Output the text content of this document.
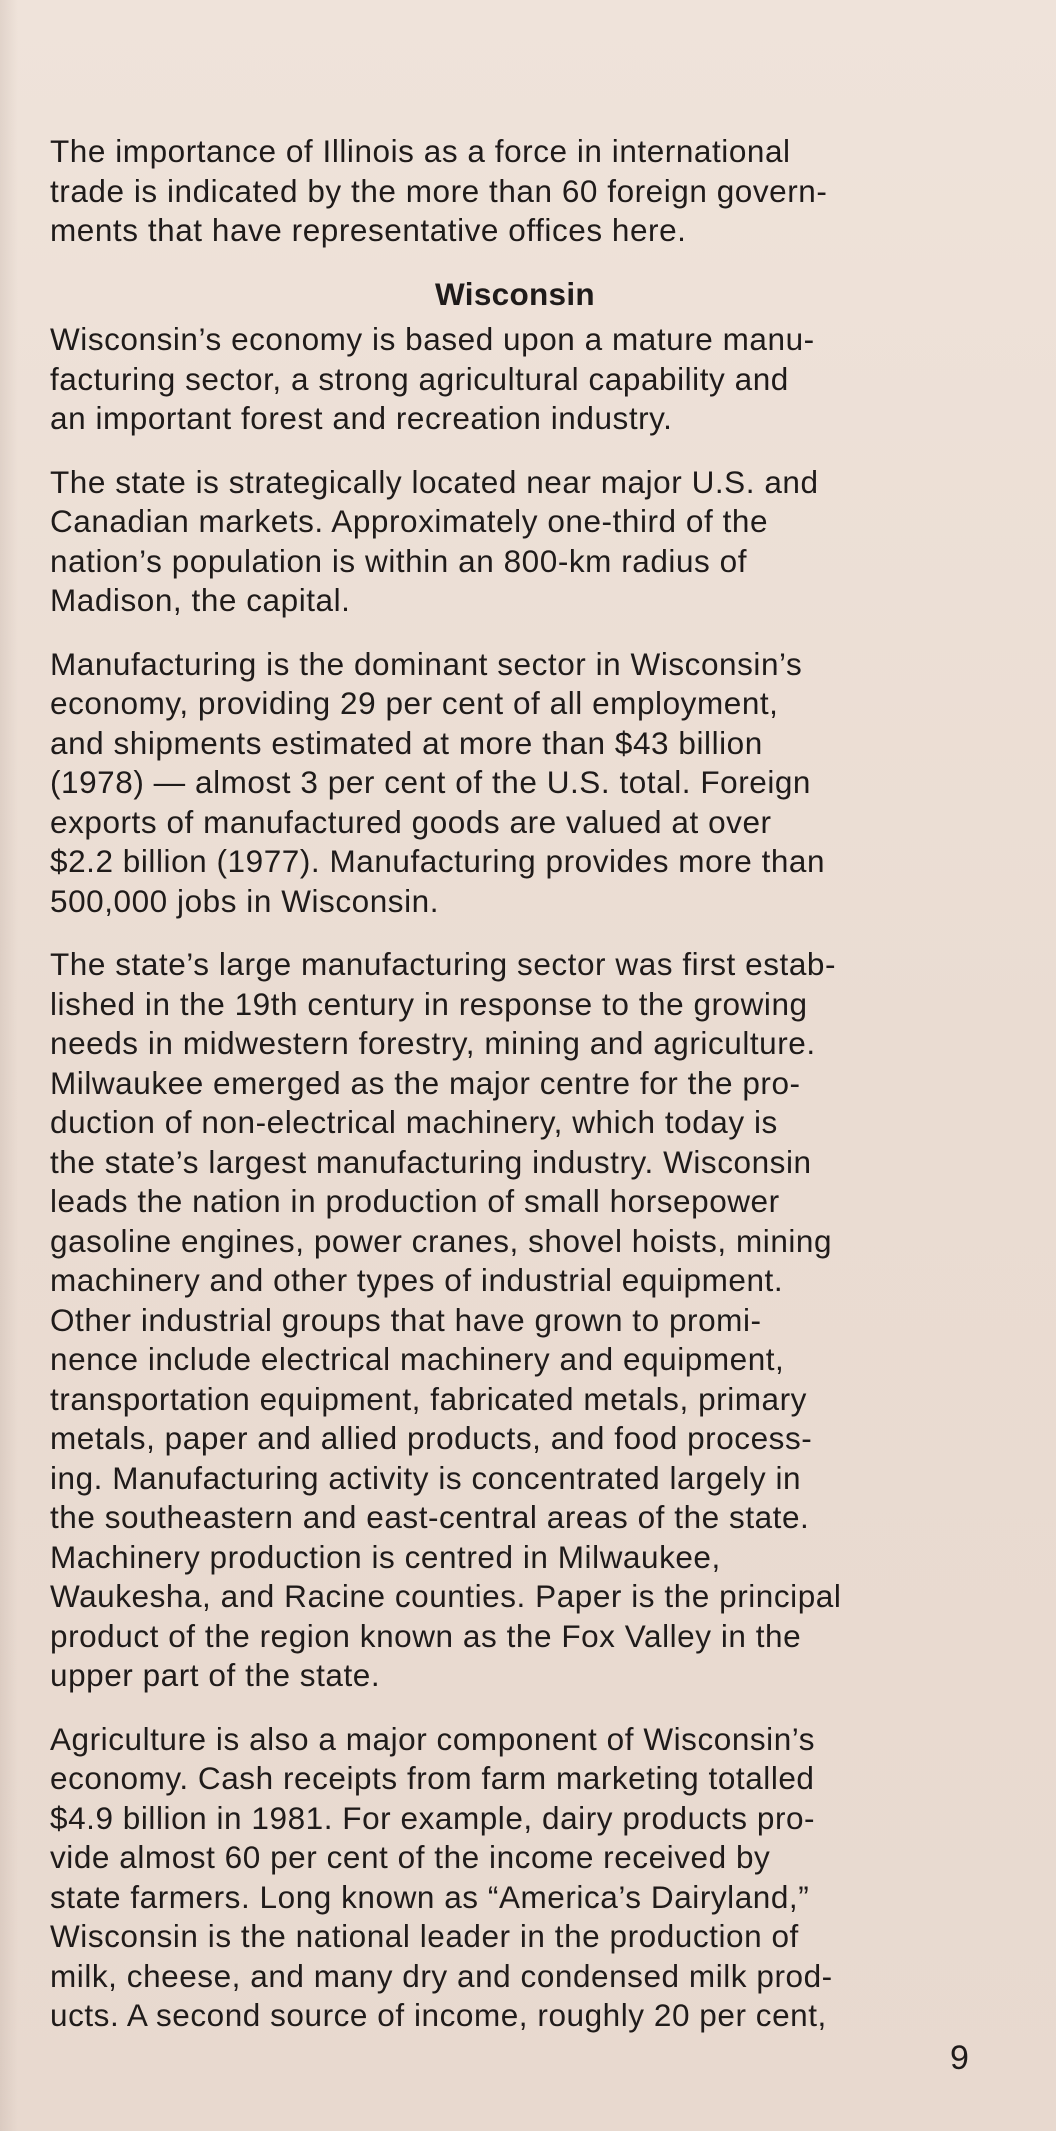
The importance of Illinois as a force in international
trade is indicated by the more than 60 foreign govern-
ments that have representative offices here.

Wisconsin

Wisconsin’s economy is based upon a mature manu-
facturing sector, a strong agricultural capability and
an important forest and recreation industry.

The state is strategically located near major U.S. and
Canadian markets. Approximately one-third of the
nation’s population is within an 800-km radius of
Madison, the capital.

Manufacturing is the dominant sector in Wisconsin’s
economy, providing 29 per cent of all employment,
and shipments estimated at more than $43 billion
(1978) — almost 3 per cent of the U.S. total. Foreign
exports of manufactured goods are valued at over
$2.2 billion (1977). Manufacturing provides more than
500,000 jobs in Wisconsin.

The state’s large manufacturing sector was first estab-
lished in the 19th century in response to the growing
needs in midwestern forestry, mining and agriculture.
Milwaukee emerged as the major centre for the pro-
duction of non-electrical machinery, which today is
the state’s largest manufacturing industry. Wisconsin
leads the nation in production of small horsepower
gasoline engines, power cranes, shovel hoists, mining
machinery and other types of industrial equipment.
Other industrial groups that have grown to promi-
nence include electrical machinery and equipment,
transportation equipment, fabricated metals, primary
metals, paper and allied products, and food process-
ing. Manufacturing activity is concentrated largely in
the southeastern and east-central areas of the state.
Machinery production is centred in Milwaukee,
Waukesha, and Racine counties. Paper is the principal
product of the region known as the Fox Valley in the
upper part of the state.

Agriculture is also a major component of Wisconsin’s
economy. Cash receipts from farm marketing totalled
$4.9 billion in 1981. For example, dairy products pro-
vide almost 60 per cent of the income received by
state farmers. Long known as “America’s Dairyland,”
Wisconsin is the national leader in the production of
milk, cheese, and many dry and condensed milk prod-
ucts. A second source of income, roughly 20 per cent,

9
